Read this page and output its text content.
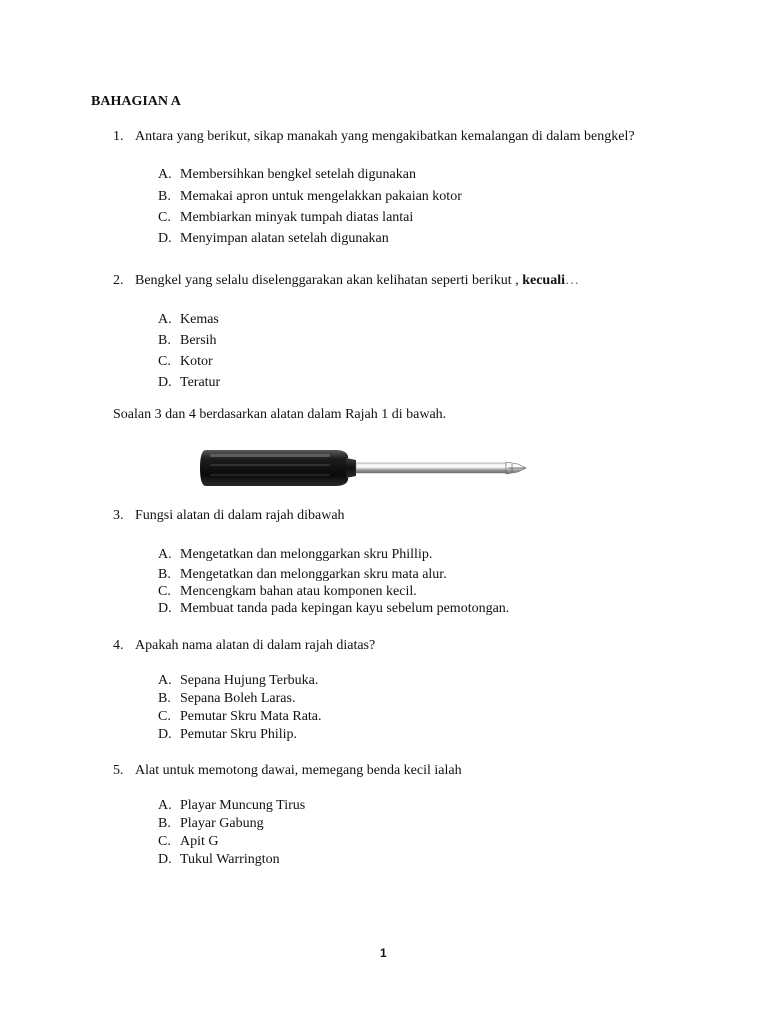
BAHAGIAN A
1. Antara yang berikut, sikap manakah yang mengakibatkan kemalangan di dalam bengkel?
A. Membersihkan bengkel setelah digunakan
B. Memakai apron untuk mengelakkan pakaian kotor
C. Membiarkan minyak tumpah diatas lantai
D. Menyimpan alatan setelah digunakan
2. Bengkel yang selalu diselenggarakan akan kelihatan seperti berikut , kecuali…
A. Kemas
B. Bersih
C. Kotor
D. Teratur
Soalan 3 dan 4 berdasarkan alatan dalam Rajah 1 di bawah.
3. Fungsi alatan di dalam rajah dibawah
A. Mengetatkan dan melonggarkan skru Phillip.
B. Mengetatkan dan melonggarkan skru mata alur.
C. Mencengkam bahan atau komponen kecil.
D. Membuat tanda pada kepingan kayu sebelum pemotongan.
4. Apakah nama alatan di dalam rajah diatas?
A. Sepana Hujung Terbuka.
B. Sepana Boleh Laras.
C. Pemutar Skru Mata Rata.
D. Pemutar Skru Philip.
5. Alat untuk memotong dawai, memegang benda kecil ialah
A. Playar Muncung Tirus
B. Playar Gabung
C. Apit G
D. Tukul Warrington
1
